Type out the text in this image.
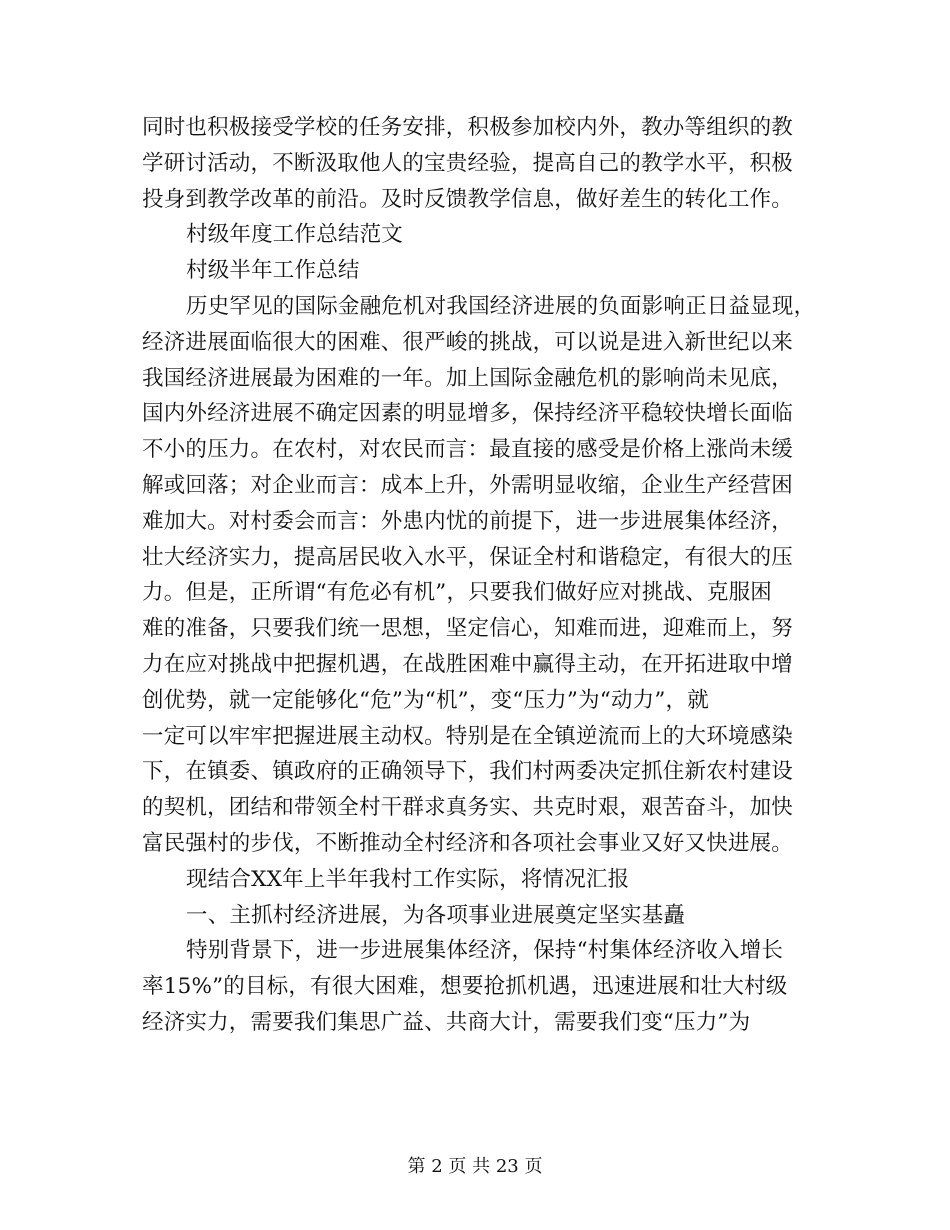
同时也积极接受学校的任务安排，积极参加校内外，教办等组织的教
学研讨活动，不断汲取他人的宝贵经验，提高自己的教学水平，积极
投身到教学改革的前沿。及时反馈教学信息，做好差生的转化工作。
村级年度工作总结范文
村级半年工作总结
历史罕见的国际金融危机对我国经济进展的负面影响正日益显现，
经济进展面临很大的困难、很严峻的挑战，可以说是进入新世纪以来
我国经济进展最为困难的一年。加上国际金融危机的影响尚未见底，
国内外经济进展不确定因素的明显增多，保持经济平稳较快增长面临
不小的压力。在农村，对农民而言：最直接的感受是价格上涨尚未缓
解或回落；对企业而言：成本上升，外需明显收缩，企业生产经营困
难加大。对村委会而言：外患内忧的前提下，进一步进展集体经济，
壮大经济实力，提高居民收入水平，保证全村和谐稳定，有很大的压
力。但是，正所谓“有危必有机”，只要我们做好应对挑战、克服困
难的准备，只要我们统一思想，坚定信心，知难而进，迎难而上，努
力在应对挑战中把握机遇，在战胜困难中赢得主动，在开拓进取中增
创优势，就一定能够化“危”为“机”，变“压力”为“动力”，就
一定可以牢牢把握进展主动权。特别是在全镇逆流而上的大环境感染
下，在镇委、镇政府的正确领导下，我们村两委决定抓住新农村建设
的契机，团结和带领全村干群求真务实、共克时艰，艰苦奋斗，加快
富民强村的步伐，不断推动全村经济和各项社会事业又好又快进展。
现结合XX年上半年我村工作实际，将情况汇报
一、主抓村经济进展，为各项事业进展奠定坚实基矗
特别背景下，进一步进展集体经济，保持“村集体经济收入增长
率15%”的目标，有很大困难，想要抢抓机遇，迅速进展和壮大村级
经济实力，需要我们集思广益、共商大计，需要我们变“压力”为
第 2 页 共 23 页
